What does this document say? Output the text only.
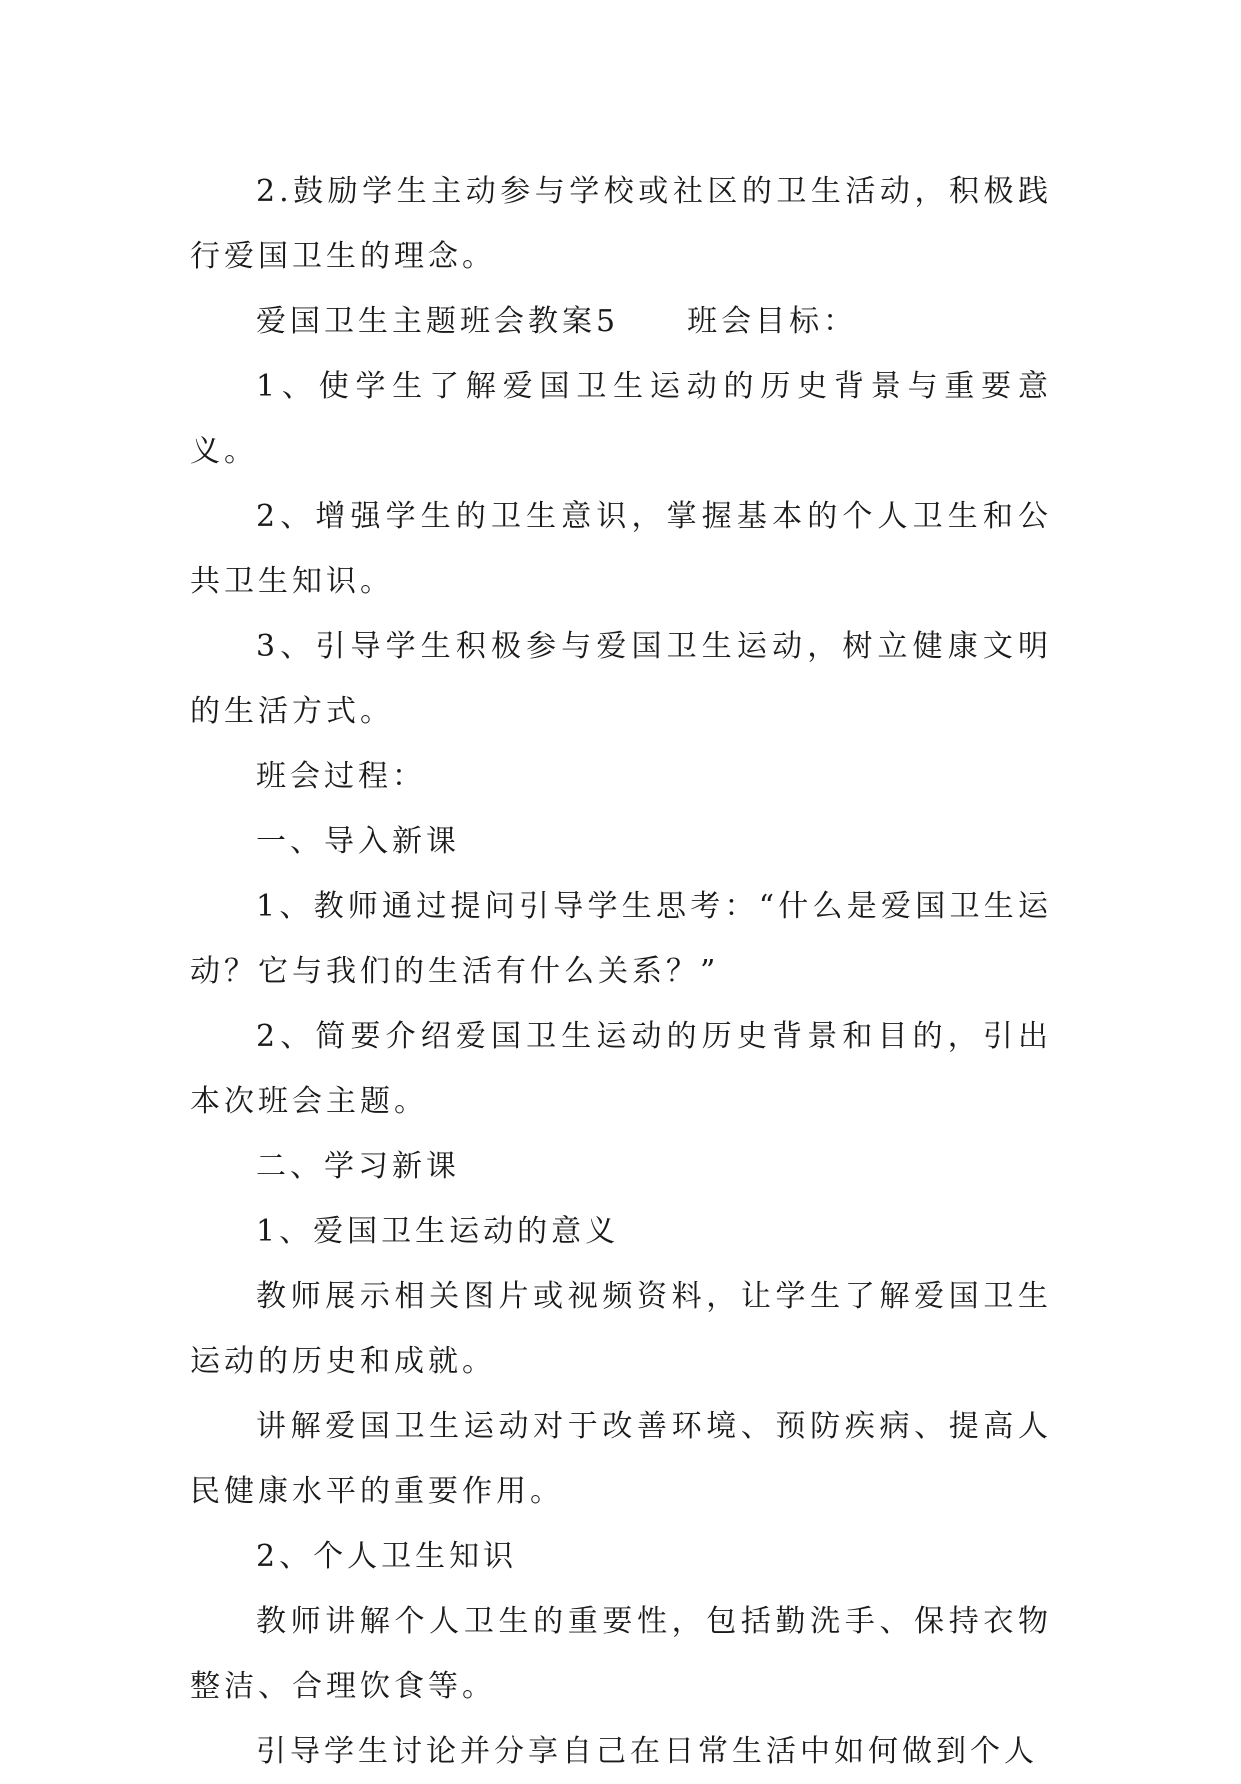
2.鼓励学生主动参与学校或社区的卫生活动，积极践行爱国卫生的理念。

爱国卫生主题班会教案5　　班会目标：

1、使学生了解爱国卫生运动的历史背景与重要意义。

2、增强学生的卫生意识，掌握基本的个人卫生和公共卫生知识。

3、引导学生积极参与爱国卫生运动，树立健康文明的生活方式。

班会过程：

一、导入新课

1、教师通过提问引导学生思考：“什么是爱国卫生运动？它与我们的生活有什么关系？”

2、简要介绍爱国卫生运动的历史背景和目的，引出本次班会主题。

二、学习新课

1、爱国卫生运动的意义

教师展示相关图片或视频资料，让学生了解爱国卫生运动的历史和成就。

讲解爱国卫生运动对于改善环境、预防疾病、提高人民健康水平的重要作用。

2、个人卫生知识

教师讲解个人卫生的重要性，包括勤洗手、保持衣物整洁、合理饮食等。

引导学生讨论并分享自己在日常生活中如何做到个人
